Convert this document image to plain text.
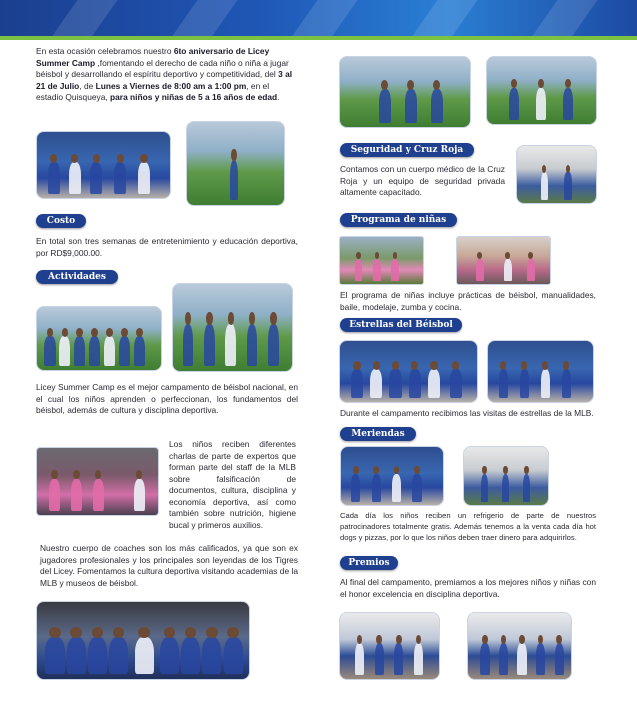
En esta ocasión celebramos nuestro 6to aniversario de Licey Summer Camp ,fomentando el derecho de cada niño o niña a jugar béisbol y desarrollando el espíritu deportivo y competitividad, del 3 al 21 de Julio, de Lunes a Viernes de 8:00 am a 1:00 pm, en el estadio Quisqueya, para niños y niñas de 5 a 16 años de edad.

Costo

En total son tres semanas de entretenimiento y educación deportiva, por RD$9,000.00.

Actividades

Licey Summer Camp es el mejor campamento de béisbol nacional, en el cual los niños aprenden o perfeccionan, los fundamentos del béisbol, además de cultura y disciplina deportiva.

Los niños reciben diferentes charlas de parte de expertos que forman parte del staff de la MLB sobre falsificación de documentos, cultura, disciplina y economía deportiva, así como también sobre nutrición, higiene bucal y primeros auxilios.

Nuestro cuerpo de coaches son los más calificados, ya que son ex jugadores profesionales y los principales son leyendas de los Tigres del Licey. Fomentamos la cultura deportiva visitando academias de la MLB y museos de béisbol.

Seguridad y Cruz Roja

Contamos con un cuerpo médico de la Cruz Roja y un equipo de seguridad privada altamente capacitado.

Programa de niñas

El programa de niñas incluye prácticas de béisbol, manualidades, baile, modelaje, zumba y cocina.

Estrellas del Béisbol

Durante el campamento recibimos las visitas de estrellas de la MLB.

Meriendas

Cada día los niños reciben un refrigerio de parte de nuestros patrocinadores totalmente gratis. Además tenemos a la venta cada día hot dogs y pizzas, por lo que los niños deben traer dinero para adquirirlos.

Premios

Al final del campamento, premiamos a los mejores niños y niñas con el honor excelencia en disciplina deportiva.
